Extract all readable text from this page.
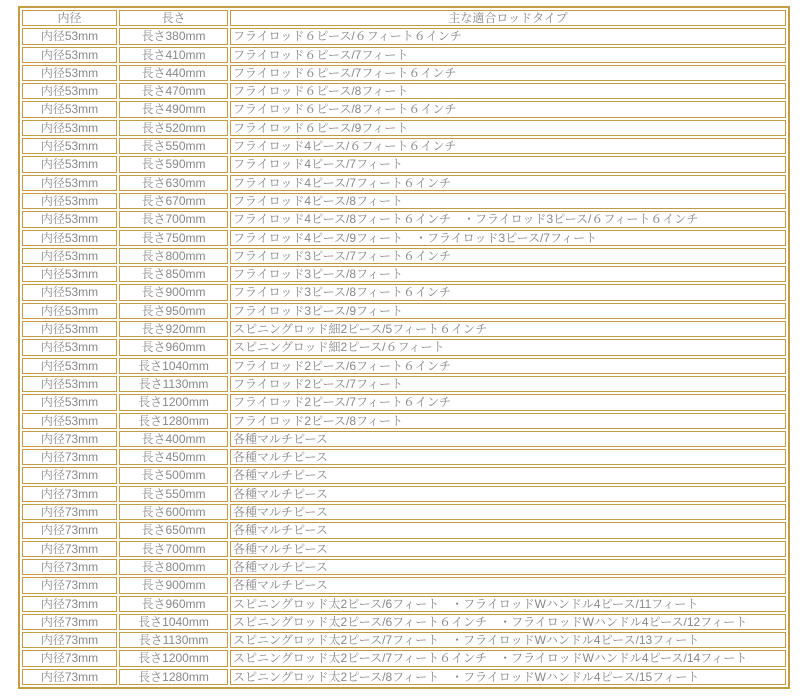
内径	長さ	主な適合ロッドタイプ
内径53mm	長さ380mm	フライロッド６ピース/６フィート６インチ
内径53mm	長さ410mm	フライロッド６ピース/7フィート
内径53mm	長さ440mm	フライロッド６ピース/7フィート６インチ
内径53mm	長さ470mm	フライロッド６ピース/8フィート
内径53mm	長さ490mm	フライロッド６ピース/8フィート６インチ
内径53mm	長さ520mm	フライロッド６ピース/9フィート
内径53mm	長さ550mm	フライロッド4ピース/６フィート６インチ
内径53mm	長さ590mm	フライロッド4ピース/7フィート
内径53mm	長さ630mm	フライロッド4ピース/7フィート６インチ
内径53mm	長さ670mm	フライロッド4ピース/8フィート
内径53mm	長さ700mm	フライロッド4ピース/8フィート６インチ　・フライロッド3ピース/６フィート６インチ
内径53mm	長さ750mm	フライロッド4ピース/9フィート　・フライロッド3ピース/7フィート
内径53mm	長さ800mm	フライロッド3ピース/7フィート６インチ
内径53mm	長さ850mm	フライロッド3ピース/8フィート
内径53mm	長さ900mm	フライロッド3ピース/8フィート６インチ
内径53mm	長さ950mm	フライロッド3ピース/9フィート
内径53mm	長さ920mm	スピニングロッド細2ピース/5フィート６インチ
内径53mm	長さ960mm	スピニングロッド細2ピース/６フィート
内径53mm	長さ1040mm	フライロッド2ピース/6フィート６インチ
内径53mm	長さ1130mm	フライロッド2ピース/7フィート
内径53mm	長さ1200mm	フライロッド2ピース/7フィート６インチ
内径53mm	長さ1280mm	フライロッド2ピース/8フィート
内径73mm	長さ400mm	各種マルチピース
内径73mm	長さ450mm	各種マルチピース
内径73mm	長さ500mm	各種マルチピース
内径73mm	長さ550mm	各種マルチピース
内径73mm	長さ600mm	各種マルチピース
内径73mm	長さ650mm	各種マルチピース
内径73mm	長さ700mm	各種マルチピース
内径73mm	長さ800mm	各種マルチピース
内径73mm	長さ900mm	各種マルチピース
内径73mm	長さ960mm	スピニングロッド太2ピース/6フィート　・フライロッドWハンドル4ピース/11フィート
内径73mm	長さ1040mm	スピニングロッド太2ピース/6フィート６インチ　・フライロッドWハンドル4ピース/12フィート
内径73mm	長さ1130mm	スピニングロッド太2ピース/7フィート　・フライロッドWハンドル4ピース/13フィート
内径73mm	長さ1200mm	スピニングロッド太2ピース/7フィート６インチ　・フライロッドWハンドル4ピース/14フィート
内径73mm	長さ1280mm	スピニングロッド太2ピース/8フィート　・フライロッドWハンドル4ピース/15フィート
